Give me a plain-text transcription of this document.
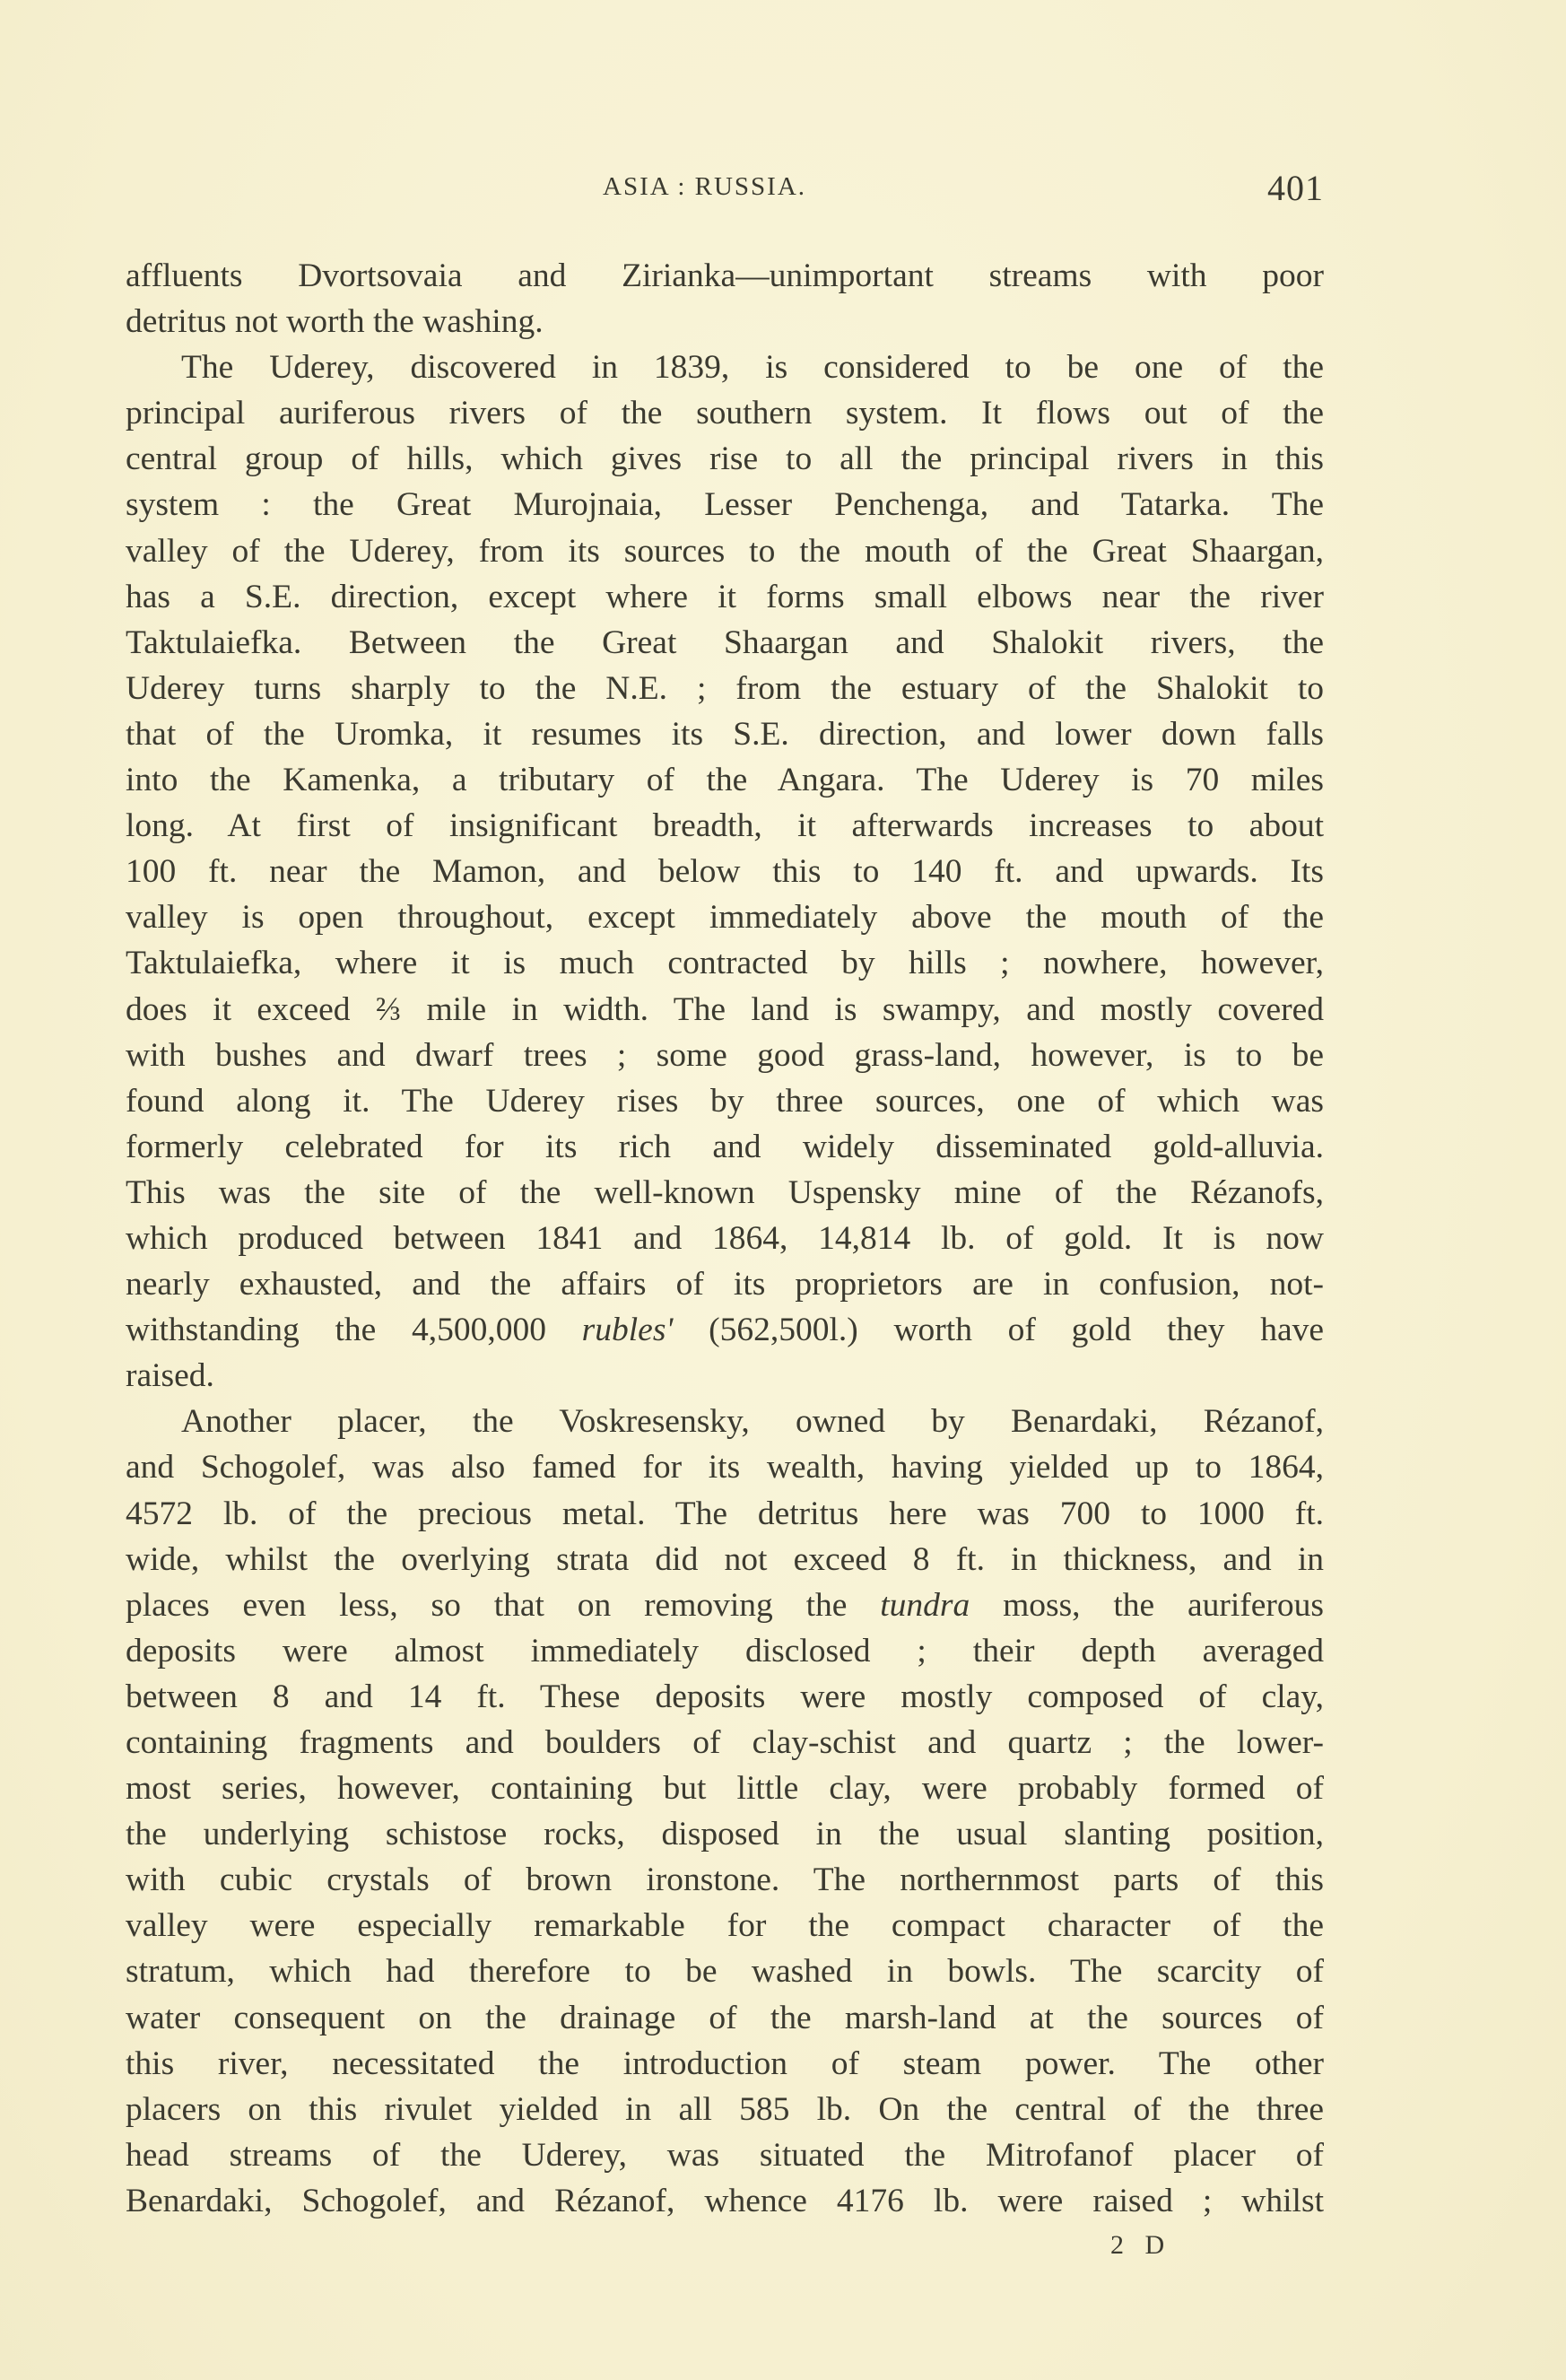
ASIA : RUSSIA.	401
affluents Dvortsovaia and Zirianka—unimportant streams with poor
detritus not worth the washing.
The Uderey, discovered in 1839, is considered to be one of the
principal auriferous rivers of the southern system. It flows out of the
central group of hills, which gives rise to all the principal rivers in this
system : the Great Murojnaia, Lesser Penchenga, and Tatarka. The
valley of the Uderey, from its sources to the mouth of the Great Shaargan,
has a S.E. direction, except where it forms small elbows near the river
Taktulaiefka. Between the Great Shaargan and Shalokit rivers, the
Uderey turns sharply to the N.E. ; from the estuary of the Shalokit to
that of the Uromka, it resumes its S.E. direction, and lower down falls
into the Kamenka, a tributary of the Angara. The Uderey is 70 miles
long. At first of insignificant breadth, it afterwards increases to about
100 ft. near the Mamon, and below this to 140 ft. and upwards. Its
valley is open throughout, except immediately above the mouth of the
Taktulaiefka, where it is much contracted by hills ; nowhere, however,
does it exceed ⅔ mile in width. The land is swampy, and mostly covered
with bushes and dwarf trees ; some good grass-land, however, is to be
found along it. The Uderey rises by three sources, one of which was
formerly celebrated for its rich and widely disseminated gold-alluvia.
This was the site of the well-known Uspensky mine of the Rézanofs,
which produced between 1841 and 1864, 14,814 lb. of gold. It is now
nearly exhausted, and the affairs of its proprietors are in confusion, not-
withstanding the 4,500,000 rubles' (562,500l.) worth of gold they have
raised.
Another placer, the Voskresensky, owned by Benardaki, Rézanof,
and Schogolef, was also famed for its wealth, having yielded up to 1864,
4572 lb. of the precious metal. The detritus here was 700 to 1000 ft.
wide, whilst the overlying strata did not exceed 8 ft. in thickness, and in
places even less, so that on removing the tundra moss, the auriferous
deposits were almost immediately disclosed ; their depth averaged
between 8 and 14 ft. These deposits were mostly composed of clay,
containing fragments and boulders of clay-schist and quartz ; the lower-
most series, however, containing but little clay, were probably formed of
the underlying schistose rocks, disposed in the usual slanting position,
with cubic crystals of brown ironstone. The northernmost parts of this
valley were especially remarkable for the compact character of the
stratum, which had therefore to be washed in bowls. The scarcity of
water consequent on the drainage of the marsh-land at the sources of
this river, necessitated the introduction of steam power. The other
placers on this rivulet yielded in all 585 lb. On the central of the three
head streams of the Uderey, was situated the Mitrofanof placer of
Benardaki, Schogolef, and Rézanof, whence 4176 lb. were raised ; whilst
2 D
